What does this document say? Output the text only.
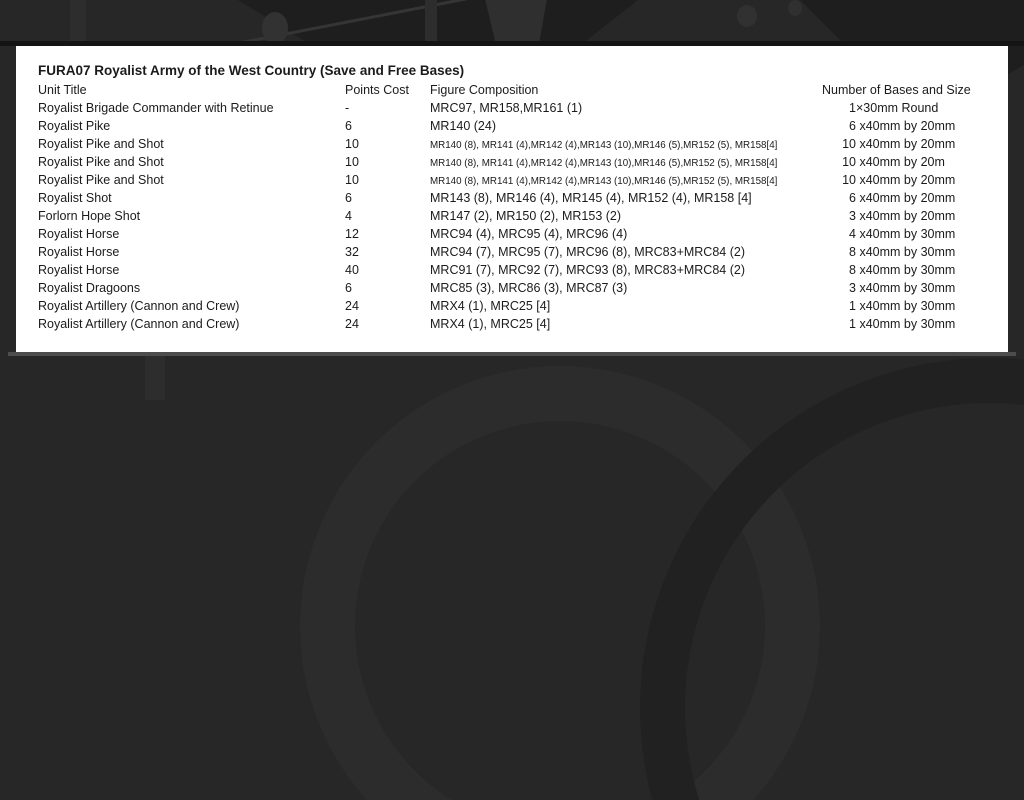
FURA07 Royalist Army of the West Country (Save and Free Bases)
Unit Title	Points Cost	Figure Composition	Number of Bases and Size
Royalist Brigade Commander with Retinue	-	MRC97, MR158,MR161 (1)	1×30mm Round
Royalist Pike	6	MR140 (24)	6 x40mm by 20mm
Royalist Pike and Shot	10	MR140 (8), MR141 (4),MR142 (4),MR143 (10),MR146 (5),MR152 (5), MR158[4]	10 x40mm by 20mm
Royalist Pike and Shot	10	MR140 (8), MR141 (4),MR142 (4),MR143 (10),MR146 (5),MR152 (5), MR158[4]	10 x40mm by 20m
Royalist Pike and Shot	10	MR140 (8), MR141 (4),MR142 (4),MR143 (10),MR146 (5),MR152 (5), MR158[4]	10 x40mm by 20mm
Royalist Shot	6	MR143 (8), MR146 (4), MR145 (4), MR152 (4), MR158 [4]	6 x40mm by 20mm
Forlorn Hope Shot	4	MR147 (2), MR150 (2), MR153 (2)	3 x40mm by 20mm
Royalist Horse	12	MRC94 (4), MRC95 (4), MRC96 (4)	4 x40mm by 30mm
Royalist Horse	32	MRC94 (7), MRC95 (7), MRC96 (8), MRC83+MRC84 (2)	8 x40mm by 30mm
Royalist Horse	40	MRC91 (7), MRC92 (7), MRC93 (8), MRC83+MRC84 (2)	8 x40mm by 30mm
Royalist Dragoons	6	MRC85 (3), MRC86 (3), MRC87 (3)	3 x40mm by 30mm
Royalist Artillery (Cannon and Crew)	24	MRX4 (1), MRC25 [4]	1 x40mm by 30mm
Royalist Artillery (Cannon and Crew)	24	MRX4 (1), MRC25 [4]	1 x40mm by 30mm
